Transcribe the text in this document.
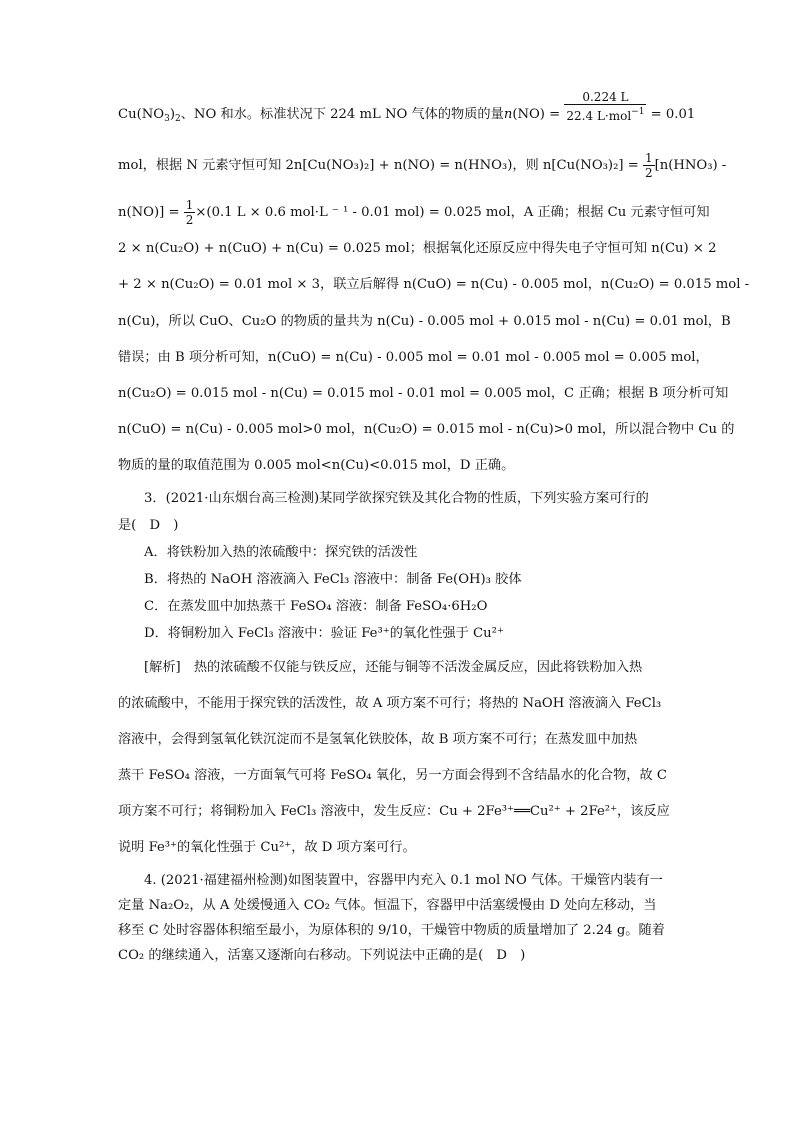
$Cu(NO_3)_2$、NO 和水。标准状况下 224 mL NO 气体的物质的量n(NO) =
0.224 L
22.4 L·mol$^{-1}$ = 0.01
mol，根据 N 元素守恒可知 2n[Cu(NO₃)₂] + n(NO) = n(HNO₃)，则 $n[Cu(NO_3)_2] = \frac{1}{2} [n(HNO_3)$ -
$n(NO)] = \frac{1}{2} \times(0.1$ L × 0.6 mol·L ⁻ ¹ - 0.01 mol) = 0.025 mol，A 正确；根据 Cu 元素守恒可知
2 × n(Cu₂O) + n(CuO) + n(Cu) = 0.025 mol；根据氧化还原反应中得失电子守恒可知 n(Cu) × 2
+ 2 × n(Cu₂O) = 0.01 mol × 3，联立后解得 n(CuO) = n(Cu) - 0.005 mol，n(Cu₂O) = 0.015 mol -
n(Cu)，所以 CuO、Cu₂O 的物质的量共为 n(Cu) - 0.005 mol + 0.015 mol - n(Cu) = 0.01 mol，B
错误；由 B 项分析可知，n(CuO) = n(Cu) - 0.005 mol = 0.01 mol - 0.005 mol = 0.005 mol，
n(Cu₂O) = 0.015 mol - n(Cu) = 0.015 mol - 0.01 mol = 0.005 mol，C 正确；根据 B 项分析可知
n(CuO) = n(Cu) - 0.005 mol>0 mol，n(Cu₂O) = 0.015 mol - n(Cu)>0 mol，所以混合物中 Cu 的
物质的量的取值范围为 0.005 mol<n(Cu)<0.015 mol，D 正确。
3．(2021·山东烟台高三检测)某同学欲探究铁及其化合物的性质，下列实验方案可行的
是(　D　)
A．将铁粉加入热的浓硫酸中：探究铁的活泼性
B．将热的 NaOH 溶液滴入 FeCl₃ 溶液中：制备 Fe(OH)₃ 胶体
C．在蒸发皿中加热蒸干 FeSO₄ 溶液：制备 FeSO₄·6H₂O
D．将铜粉加入 FeCl₃ 溶液中：验证 Fe³⁺的氧化性强于 Cu²⁺
[解析]　热的浓硫酸不仅能与铁反应，还能与铜等不活泼金属反应，因此将铁粉加入热
的浓硫酸中，不能用于探究铁的活泼性，故 A 项方案不可行；将热的 NaOH 溶液滴入 FeCl₃
溶液中，会得到氢氧化铁沉淀而不是氢氧化铁胶体，故 B 项方案不可行；在蒸发皿中加热
蒸干 FeSO₄ 溶液，一方面氧气可将 FeSO₄ 氧化，另一方面会得到不含结晶水的化合物，故 C
项方案不可行；将铜粉加入 FeCl₃ 溶液中，发生反应：Cu + 2Fe³⁺══Cu²⁺ + 2Fe²⁺，该反应
说明 Fe³⁺的氧化性强于 Cu²⁺，故 D 项方案可行。
4. (2021·福建福州检测)如图装置中，容器甲内充入 0.1 mol NO 气体。干燥管内装有一
定量 Na₂O₂，从 A 处缓慢通入 CO₂ 气体。恒温下，容器甲中活塞缓慢由 D 处向左移动，当
移至 C 处时容器体积缩至最小，为原体积的 9/10，干燥管中物质的质量增加了 2.24 g。随着
CO₂ 的继续通入，活塞又逐渐向右移动。下列说法中正确的是(　D　)
